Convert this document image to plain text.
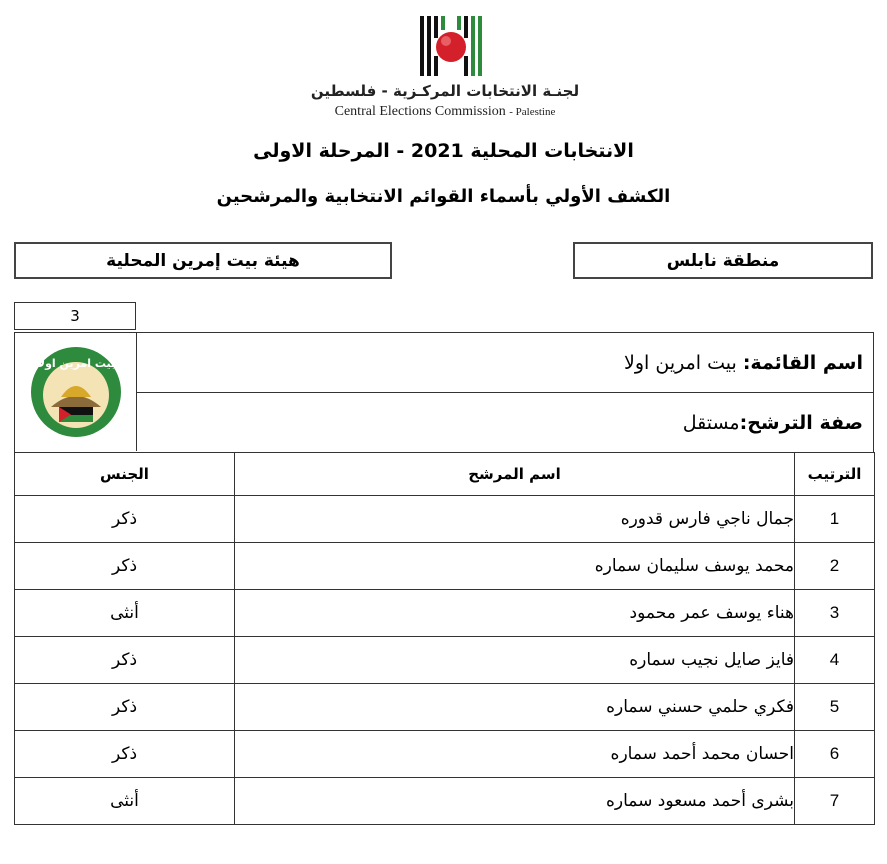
لجنـة الانتخابات المركـزية - فلسطين
Central Elections Commission - Palestine
الانتخابات المحلية 2021 - المرحلة الاولى
الكشف الأولي بأسماء القوائم الانتخابية والمرشحين
منطقة نابلس
هيئة بيت إمرين المحلية
3
بيت امرين اولا	اسم القائمة: بيت امرين اولا
صفة الترشح:مستقل
الجنس	اسم المرشح	الترتيب
ذكر	جمال ناجي فارس قدوره	1
ذكر	محمد يوسف سليمان سماره	2
أنثى	هناء يوسف عمر محمود	3
ذكر	فايز صايل نجيب سماره	4
ذكر	فكري حلمي حسني سماره	5
ذكر	احسان محمد أحمد سماره	6
أنثى	بشرى أحمد مسعود سماره	7
